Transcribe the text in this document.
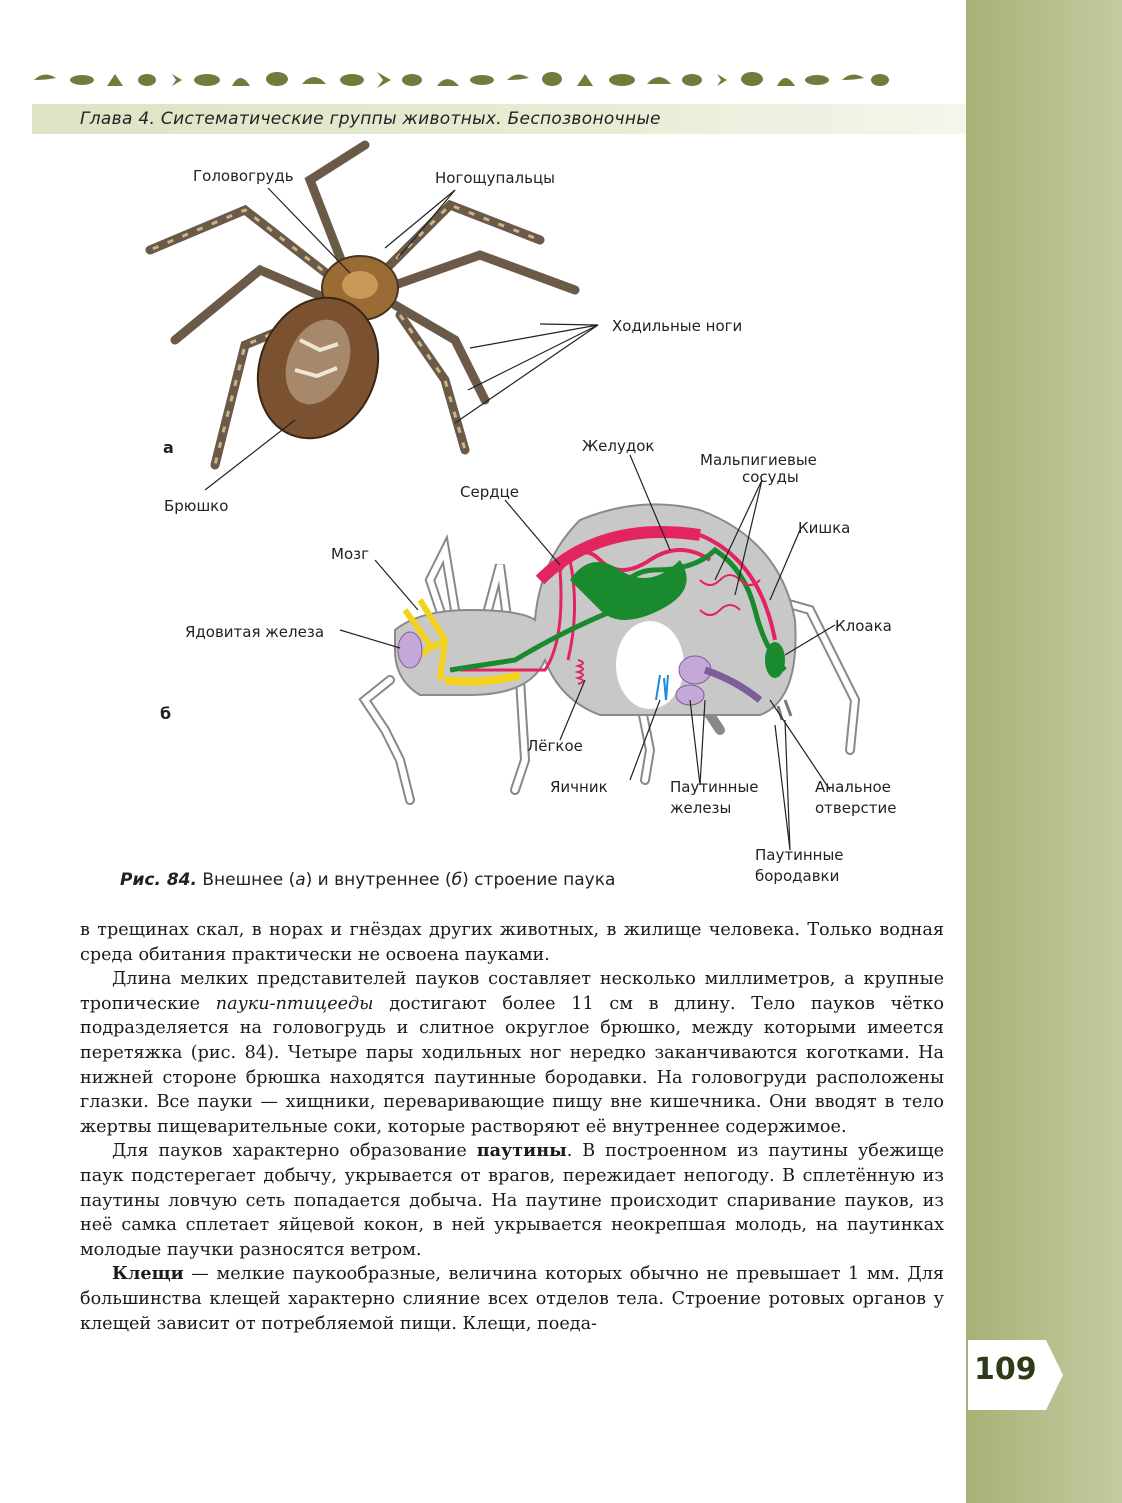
Глава 4. Систематические группы животных. Беспозвоночные
Головогрудь	Ногощупальцы
Ходильные ноги
а
Брюшко
Желудок
Мальпигиевые
сосуды
Сердце
Кишка
Мозг
Клоака
Ядовитая железа
б
Лёгкое
Яичник	Паутинные
железы
Анальное
отверстие
Паутинные
бородавки
Рис. 84. Внешнее (а) и внутреннее (б) строение паука

в трещинах скал, в норах и гнёздах других животных, в жилище человека. Только водная среда обитания практически не освоена пауками.

Длина мелких представителей пауков составляет несколько миллиметров, а крупные тропические пауки-птицееды достигают более 11 см в длину. Тело пауков чётко подразделяется на головогрудь и слитное округлое брюшко, между которыми имеется перетяжка (рис. 84). Четыре пары ходильных ног нередко заканчиваются коготками. На нижней стороне брюшка находятся паутинные бородавки. На головогруди расположены глазки. Все пауки — хищники, переваривающие пищу вне кишечника. Они вводят в тело жертвы пищеварительные соки, которые растворяют её внутреннее содержимое.

Для пауков характерно образование паутины. В построенном из паутины убежище паук подстерегает добычу, укрывается от врагов, пережидает непогоду. В сплетённую из паутины ловчую сеть попадается добыча. На паутине происходит спаривание пауков, из неё самка сплетает яйцевой кокон, в ней укрывается неокрепшая молодь, на паутинках молодые паучки разносятся ветром.

Клещи — мелкие паукообразные, величина которых обычно не превышает 1 мм. Для большинства клещей характерно слияние всех отделов тела. Строение ротовых органов у клещей зависит от потребляемой пищи. Клещи, поеда-

109
